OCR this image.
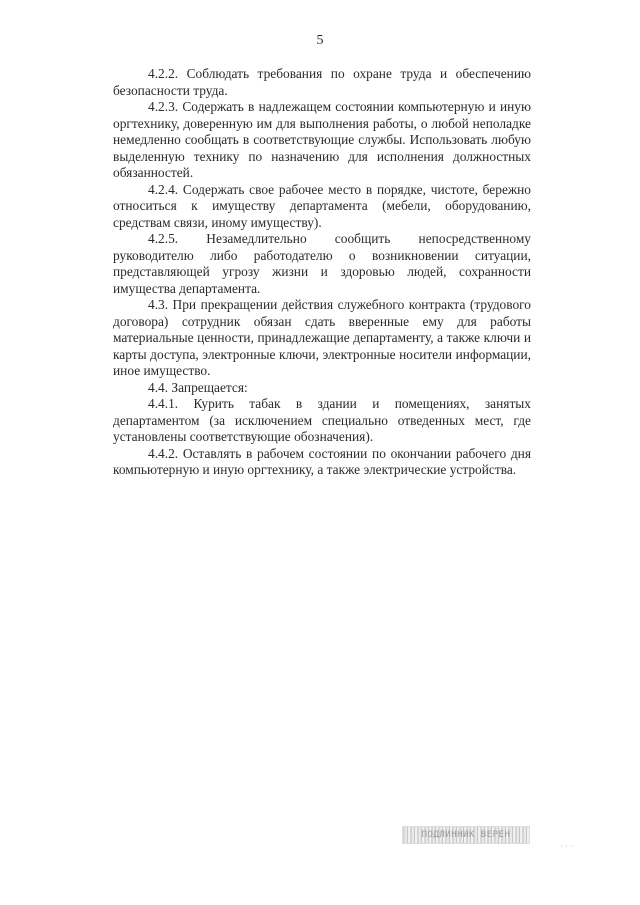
5

4.2.2. Соблюдать требования по охране труда и обеспечению безопасности труда.

4.2.3. Содержать в надлежащем состоянии компьютерную и иную оргтехнику, доверенную им для выполнения работы, о любой неполадке немедленно сообщать в соответствующие службы. Использовать любую выделенную технику по назначению для исполнения должностных обязанностей.

4.2.4. Содержать свое рабочее место в порядке, чистоте, бережно относиться к имуществу департамента (мебели, оборудованию, средствам связи, иному имуществу).

4.2.5. Незамедлительно сообщить непосредственному руководителю либо работодателю о возникновении ситуации, представляющей угрозу жизни и здоровью людей, сохранности имущества департамента.

4.3. При прекращении действия служебного контракта (трудового договора) сотрудник обязан сдать вверенные ему для работы материальные ценности, принадлежащие департаменту, а также ключи и карты доступа, электронные ключи, электронные носители информации, иное имущество.

4.4. Запрещается:

4.4.1. Курить табак в здании и помещениях, занятых департаментом (за исключением специально отведенных мест, где установлены соответствующие обозначения).

4.4.2. Оставлять в рабочем состоянии по окончании рабочего дня компьютерную и иную оргтехнику, а также электрические устройства.

ПОДЛИННИК ВЕРЕН
· · ·
